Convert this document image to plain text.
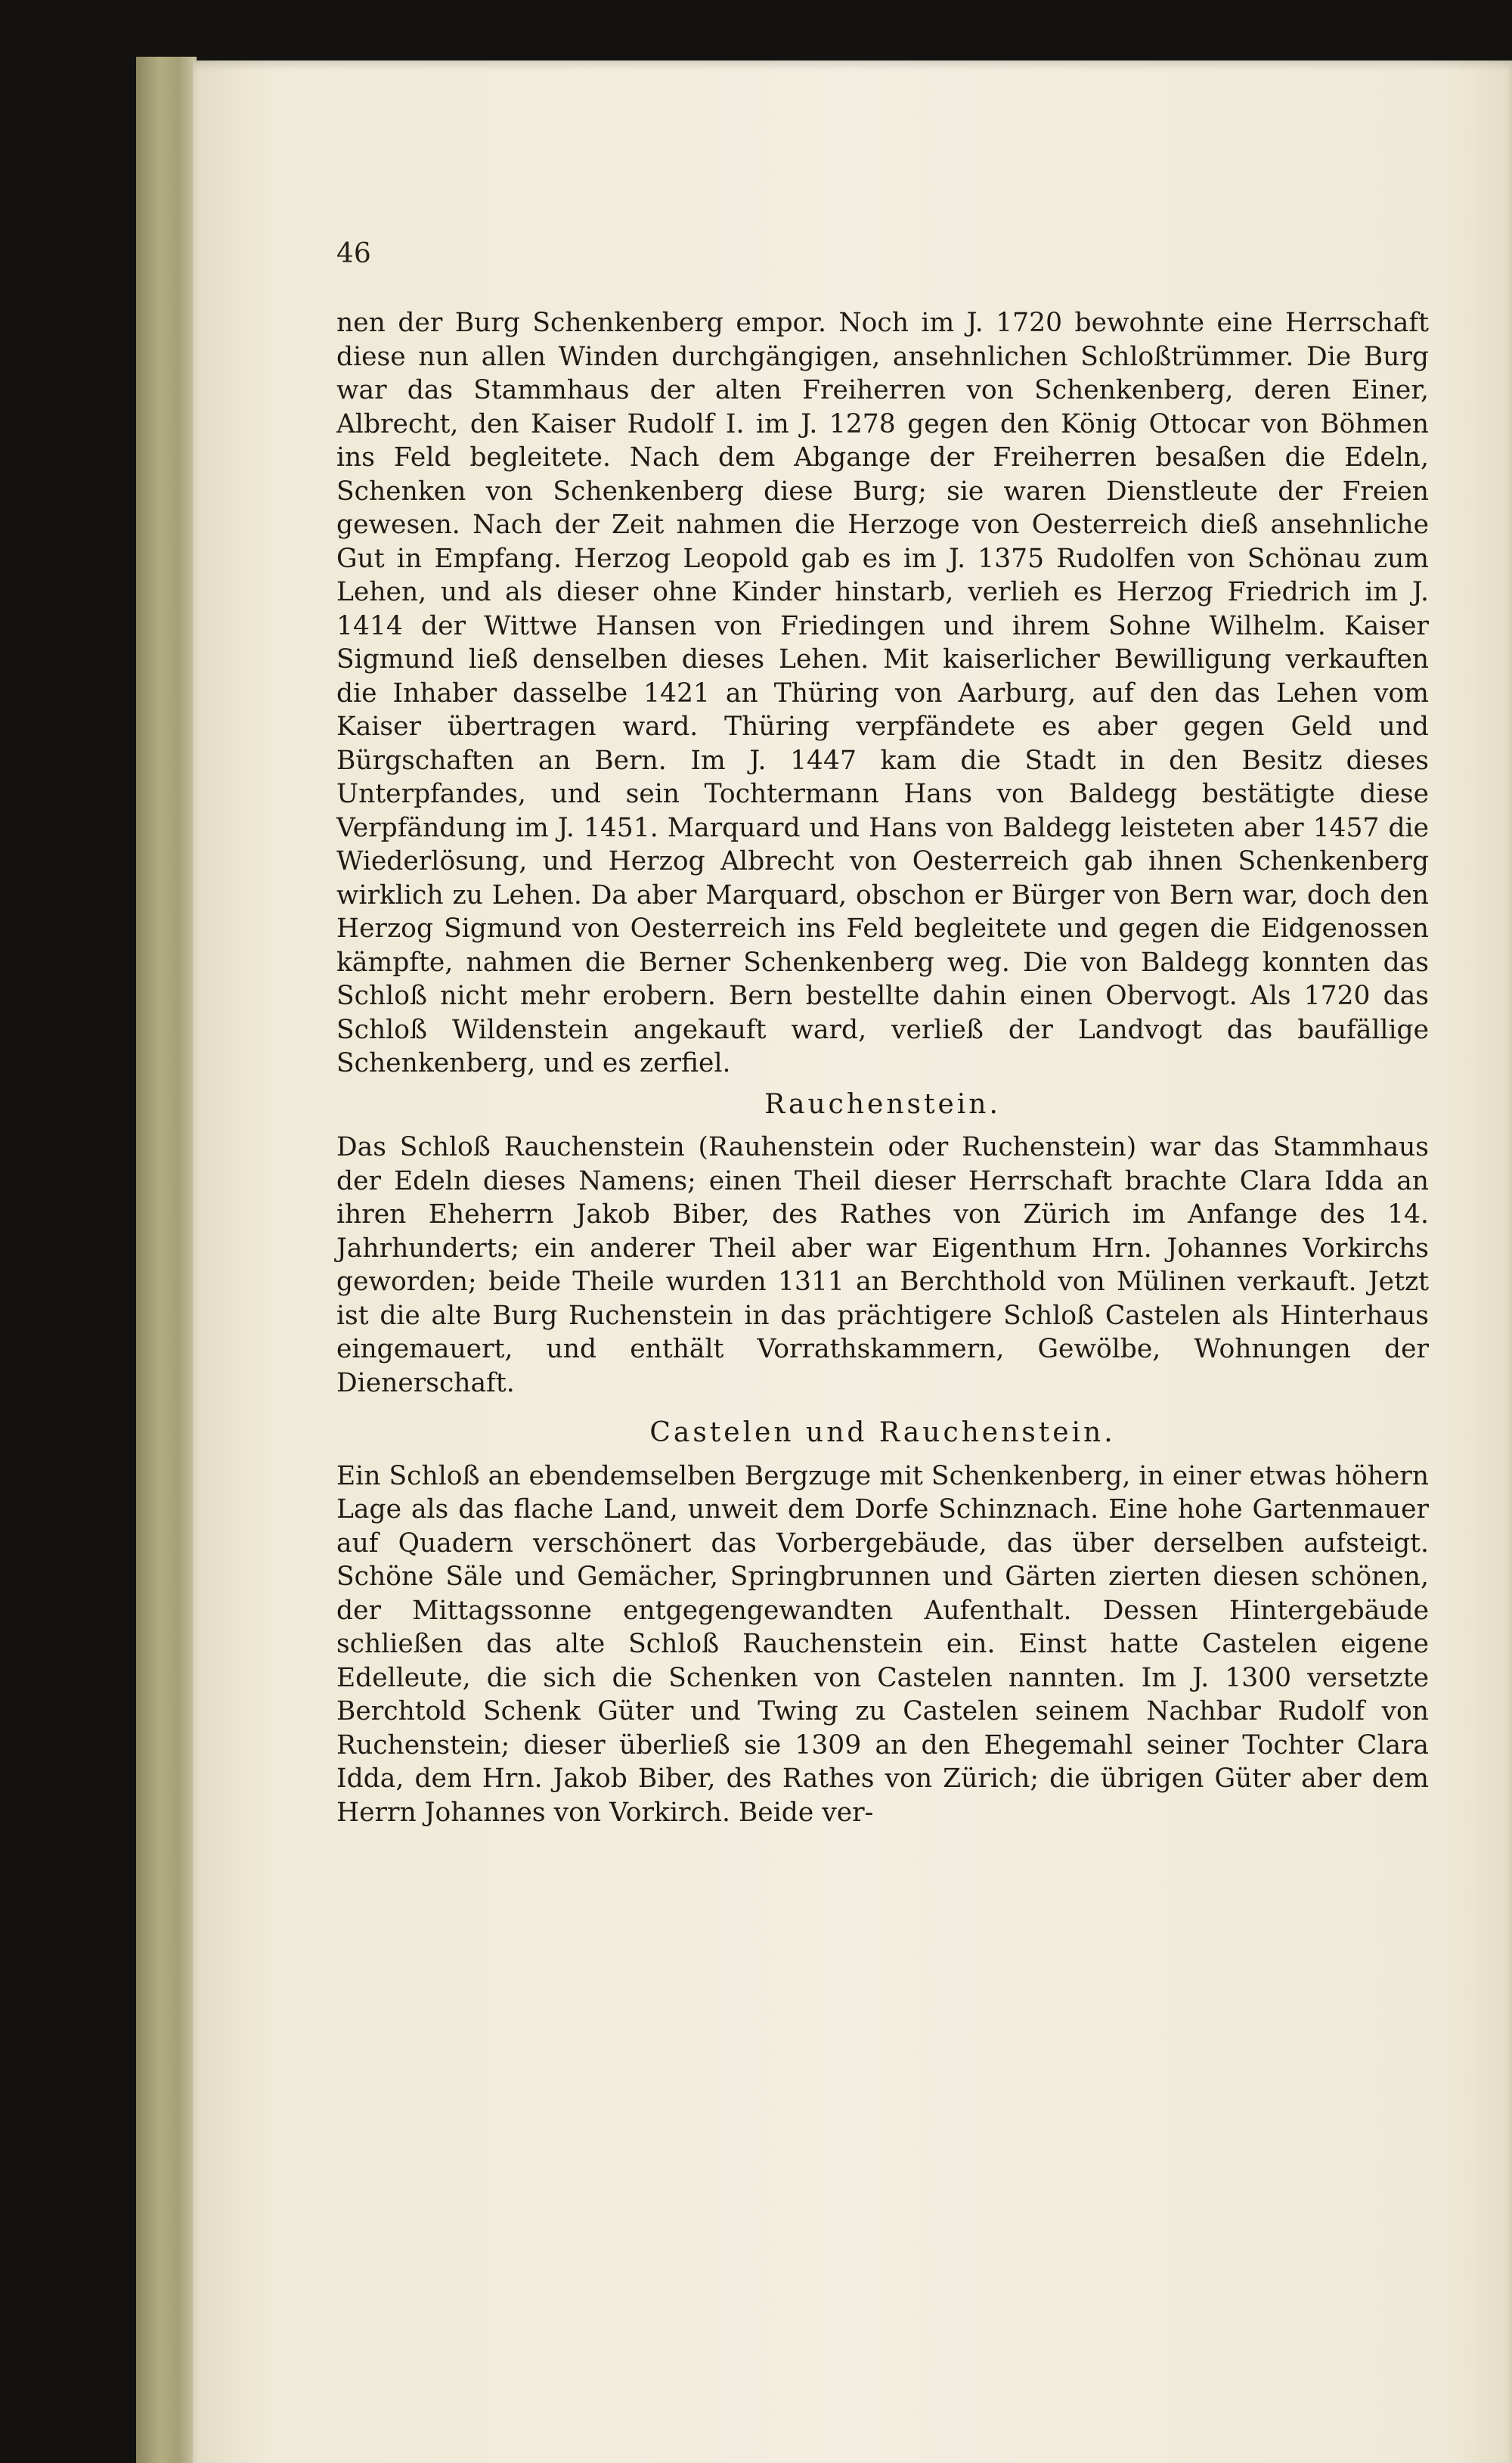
46

nen der Burg Schenkenberg empor. Noch im J. 1720 bewohnte eine Herrschaft diese nun allen Winden durchgängigen, ansehnlichen Schloßtrümmer. Die Burg war das Stammhaus der alten Freiherren von Schenkenberg, deren Einer, Albrecht, den Kaiser Rudolf I. im J. 1278 gegen den König Ottocar von Böhmen ins Feld begleitete. Nach dem Abgange der Freiherren besaßen die Edeln, Schenken von Schenkenberg diese Burg; sie waren Dienstleute der Freien gewesen. Nach der Zeit nahmen die Herzoge von Oesterreich dieß ansehnliche Gut in Empfang. Herzog Leopold gab es im J. 1375 Rudolfen von Schönau zum Lehen, und als dieser ohne Kinder hinstarb, verlieh es Herzog Friedrich im J. 1414 der Wittwe Hansen von Friedingen und ihrem Sohne Wilhelm. Kaiser Sigmund ließ denselben dieses Lehen. Mit kaiserlicher Bewilligung verkauften die Inhaber dasselbe 1421 an Thüring von Aarburg, auf den das Lehen vom Kaiser übertragen ward. Thüring verpfändete es aber gegen Geld und Bürgschaften an Bern. Im J. 1447 kam die Stadt in den Besitz dieses Unterpfandes, und sein Tochtermann Hans von Baldegg bestätigte diese Verpfändung im J. 1451. Marquard und Hans von Baldegg leisteten aber 1457 die Wiederlösung, und Herzog Albrecht von Oesterreich gab ihnen Schenkenberg wirklich zu Lehen. Da aber Marquard, obschon er Bürger von Bern war, doch den Herzog Sigmund von Oesterreich ins Feld begleitete und gegen die Eidgenossen kämpfte, nahmen die Berner Schenkenberg weg. Die von Baldegg konnten das Schloß nicht mehr erobern. Bern bestellte dahin einen Obervogt. Als 1720 das Schloß Wildenstein angekauft ward, verließ der Landvogt das baufällige Schenkenberg, und es zerfiel.

Rauchenstein.

Das Schloß Rauchenstein (Rauhenstein oder Ruchenstein) war das Stammhaus der Edeln dieses Namens; einen Theil dieser Herrschaft brachte Clara Idda an ihren Eheherrn Jakob Biber, des Rathes von Zürich im Anfange des 14. Jahrhunderts; ein anderer Theil aber war Eigenthum Hrn. Johannes Vorkirchs geworden; beide Theile wurden 1311 an Berchthold von Mülinen verkauft. Jetzt ist die alte Burg Ruchenstein in das prächtigere Schloß Castelen als Hinterhaus eingemauert, und enthält Vorrathskammern, Gewölbe, Wohnungen der Dienerschaft.

Castelen und Rauchenstein.

Ein Schloß an ebendemselben Bergzuge mit Schenkenberg, in einer etwas höhern Lage als das flache Land, unweit dem Dorfe Schinznach. Eine hohe Gartenmauer auf Quadern verschönert das Vorbergebäude, das über derselben aufsteigt. Schöne Säle und Gemächer, Springbrunnen und Gärten zierten diesen schönen, der Mittagssonne entgegengewandten Aufenthalt. Dessen Hintergebäude schließen das alte Schloß Rauchenstein ein. Einst hatte Castelen eigene Edelleute, die sich die Schenken von Castelen nannten. Im J. 1300 versetzte Berchtold Schenk Güter und Twing zu Castelen seinem Nachbar Rudolf von Ruchenstein; dieser überließ sie 1309 an den Ehegemahl seiner Tochter Clara Idda, dem Hrn. Jakob Biber, des Rathes von Zürich; die übrigen Güter aber dem Herrn Johannes von Vorkirch. Beide ver-
